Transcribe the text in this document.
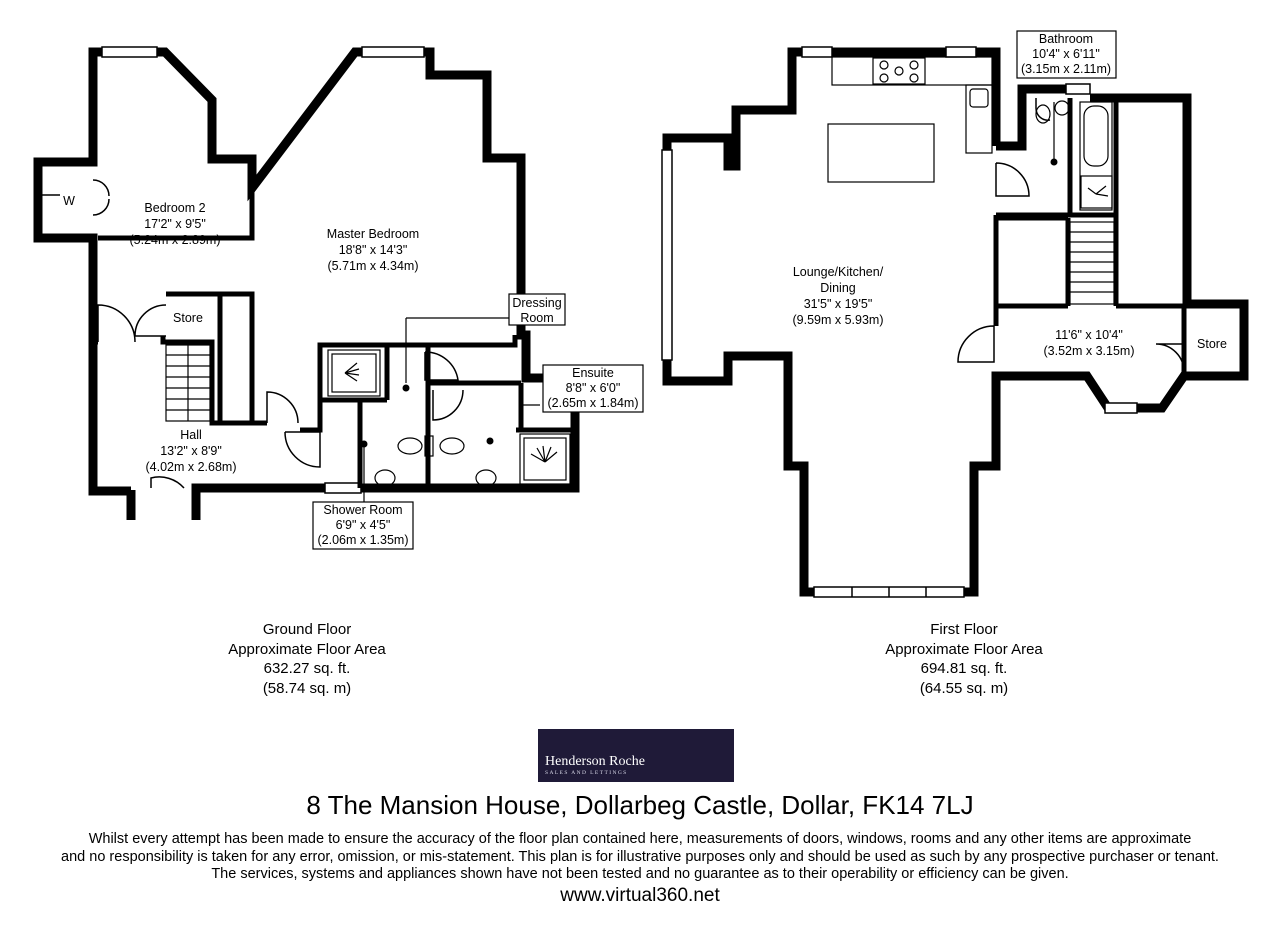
W	Bedroom 2
17'2" x 9'5"
(5.24m x 2.89m)	Master Bedroom
18'8" x 14'3"
(5.71m x 4.34m)
Store
Dressing
Room
Ensuite
8'8" x 6'0"
(2.65m x 1.84m)
Hall
13'2" x 8'9"
(4.02m x 2.68m)
Shower Room
6'9" x 4'5"
(2.06m x 1.35m)
Bathroom
10'4" x 6'11"
(3.15m x 2.11m)
Lounge/Kitchen/
Dining
31'5" x 19'5"
(9.59m x 5.93m)
11'6" x 10'4"
(3.52m x 3.15m)	Store
Ground Floor
Approximate Floor Area
632.27 sq. ft.
(58.74 sq. m)
First Floor
Approximate Floor Area
694.81 sq. ft.
(64.55 sq. m)
Henderson Roche
SALES AND LETTINGS
8 The Mansion House, Dollarbeg Castle, Dollar, FK14 7LJ
Whilst every attempt has been made to ensure the accuracy of the floor plan contained here, measurements of doors, windows, rooms and any other items are approximate
and no responsibility is taken for any error, omission, or mis-statement. This plan is for illustrative purposes only and should be used as such by any prospective purchaser or tenant.
The services, systems and appliances shown have not been tested and no guarantee as to their operability or efficiency can be given.
www.virtual360.net
